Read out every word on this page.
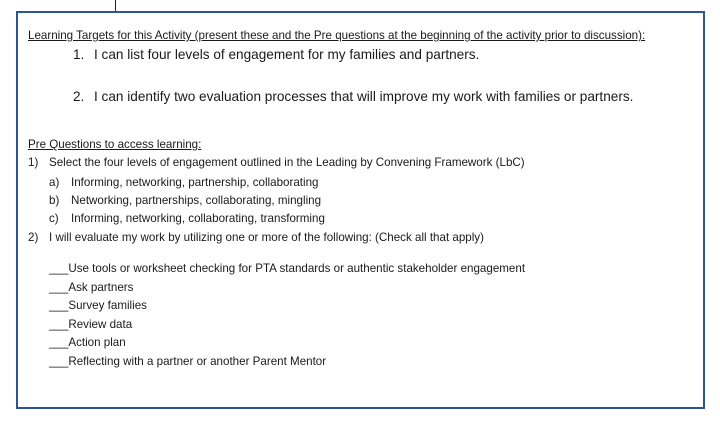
Learning Targets for this Activity (present these and the Pre questions at the beginning of the activity prior to discussion):
1. I can list four levels of engagement for my families and partners.
2. I can identify two evaluation processes that will improve my work with families or partners.
Pre Questions to access learning:
1) Select the four levels of engagement outlined in the Leading by Convening Framework (LbC)
a) Informing, networking, partnership, collaborating
b) Networking, partnerships, collaborating, mingling
c) Informing, networking, collaborating, transforming
2) I will evaluate my work by utilizing one or more of the following: (Check all that apply)
___Use tools or worksheet checking for PTA standards or authentic stakeholder engagement
___Ask partners
___Survey families
___Review data
___Action plan
___Reflecting with a partner or another Parent Mentor
